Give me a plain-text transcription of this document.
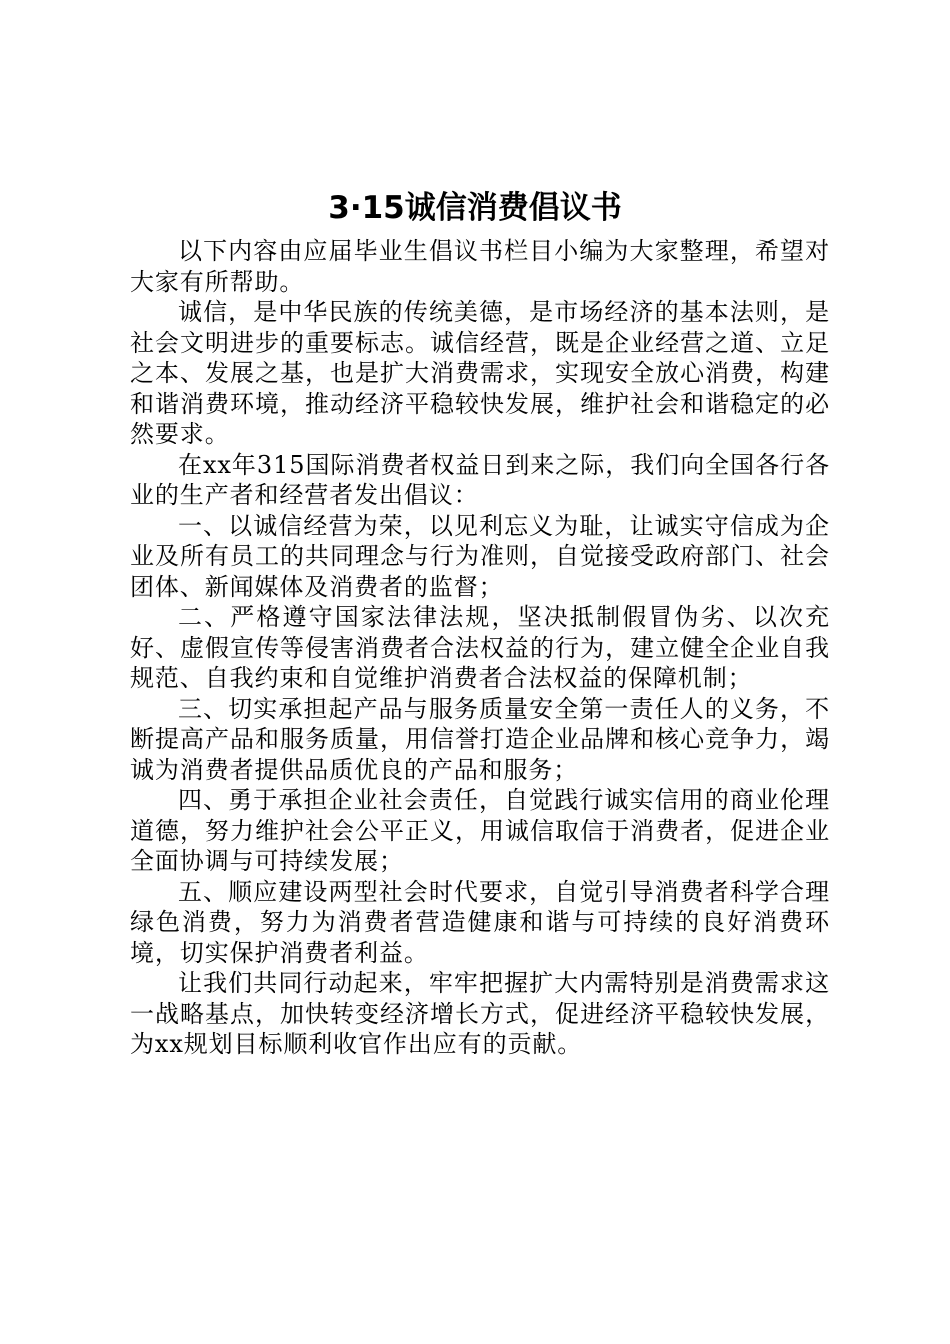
3·15诚信消费倡议书

以下内容由应届毕业生倡议书栏目小编为大家整理，希望对大家有所帮助。

诚信，是中华民族的传统美德，是市场经济的基本法则，是社会文明进步的重要标志。诚信经营，既是企业经营之道、立足之本、发展之基，也是扩大消费需求，实现安全放心消费，构建和谐消费环境，推动经济平稳较快发展，维护社会和谐稳定的必然要求。

在xx年315国际消费者权益日到来之际，我们向全国各行各业的生产者和经营者发出倡议：

一、以诚信经营为荣，以见利忘义为耻，让诚实守信成为企业及所有员工的共同理念与行为准则，自觉接受政府部门、社会团体、新闻媒体及消费者的监督；

二、严格遵守国家法律法规，坚决抵制假冒伪劣、以次充好、虚假宣传等侵害消费者合法权益的行为，建立健全企业自我规范、自我约束和自觉维护消费者合法权益的保障机制；

三、切实承担起产品与服务质量安全第一责任人的义务，不断提高产品和服务质量，用信誉打造企业品牌和核心竞争力，竭诚为消费者提供品质优良的产品和服务；

四、勇于承担企业社会责任，自觉践行诚实信用的商业伦理道德，努力维护社会公平正义，用诚信取信于消费者，促进企业全面协调与可持续发展；

五、顺应建设两型社会时代要求，自觉引导消费者科学合理绿色消费，努力为消费者营造健康和谐与可持续的良好消费环境，切实保护消费者利益。

让我们共同行动起来，牢牢把握扩大内需特别是消费需求这一战略基点，加快转变经济增长方式，促进经济平稳较快发展，为xx规划目标顺利收官作出应有的贡献。
